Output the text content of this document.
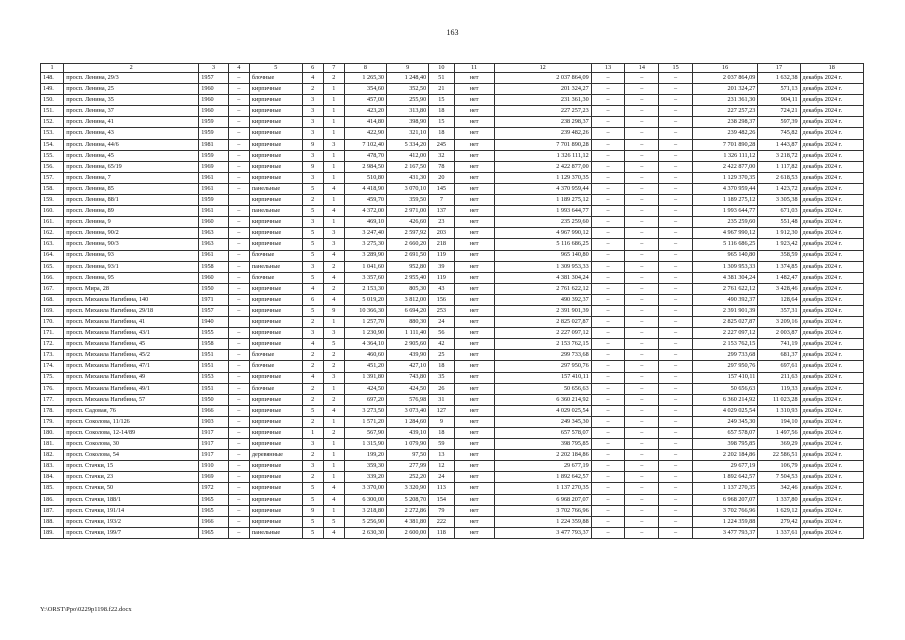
163
1	2	3	4	5	6	7	8	9	10	11	12	13	14	15	16	17	18
148.	просп. Ленина, 29/3	1957	–	блочные	4	2	1 265,30	1 248,40	51	нет	2 037 864,09	–	–	–	2 037 864,09	1 632,38	декабрь 2024 г.
149.	просп. Ленина, 25	1960	–	кирпичные	2	1	354,60	352,50	21	нет	201 324,27	–	–	–	201 324,27	571,13	декабрь 2024 г.
150.	просп. Ленина, 35	1960	–	кирпичные	3	1	457,00	255,90	15	нет	231 361,30	–	–	–	231 361,30	904,11	декабрь 2024 г.
151.	просп. Ленина, 37	1960	–	кирпичные	3	1	423,20	313,80	18	нет	227 257,23	–	–	–	227 257,23	724,21	декабрь 2024 г.
152.	просп. Ленина, 41	1959	–	кирпичные	3	1	414,80	398,90	15	нет	238 298,37	–	–	–	238 298,37	597,39	декабрь 2024 г.
153.	просп. Ленина, 43	1959	–	кирпичные	3	1	422,90	321,10	18	нет	239 482,26	–	–	–	239 482,26	745,82	декабрь 2024 г.
154.	просп. Ленина, 44/6	1981	–	кирпичные	9	3	7 102,40	5 334,20	245	нет	7 701 890,28	–	–	–	7 701 890,28	1 443,87	декабрь 2024 г.
155.	просп. Ленина, 45	1959	–	кирпичные	3	1	478,70	412,00	32	нет	1 326 111,12	–	–	–	1 326 111,12	3 218,72	декабрь 2024 г.
156.	просп. Ленина, 65/19	1969	–	кирпичные	9	1	2 984,50	2 167,50	78	нет	2 422 877,00	–	–	–	2 422 877,00	1 117,82	декабрь 2024 г.
157.	просп. Ленина, 7	1961	–	кирпичные	3	1	510,80	431,30	20	нет	1 129 370,35	–	–	–	1 129 370,35	2 618,53	декабрь 2024 г.
158.	просп. Ленина, 85	1961	–	панельные	5	4	4 418,90	3 070,10	145	нет	4 370 959,44	–	–	–	4 370 959,44	1 423,72	декабрь 2024 г.
159.	просп. Ленина, 88/1	1959		кирпичные	2	1	459,70	359,50	7	нет	1 189 275,12	–	–	–	1 189 275,12	3 305,38	декабрь 2024 г.
160.	просп. Ленина, 89	1961	–	панельные	5	4	4 372,00	2 971,00	137	нет	1 993 644,77	–	–	–	1 993 644,77	671,03	декабрь 2024 г.
161.	просп. Ленина, 9	1960	–	кирпичные	3	1	469,10	426,60	23	нет	235 259,60	–	–	–	235 259,60	551,48	декабрь 2024 г.
162.	просп. Ленина, 90/2	1963	–	кирпичные	5	3	3 247,40	2 597,92	203	нет	4 967 990,12	–	–	–	4 967 990,12	1 912,30	декабрь 2024 г.
163.	просп. Ленина, 90/3	1963	–	кирпичные	5	3	3 275,30	2 660,20	218	нет	5 116 686,25	–	–	–	5 116 686,25	1 923,42	декабрь 2024 г.
164.	просп. Ленина, 93	1961	–	блочные	5	4	3 289,90	2 691,50	119	нет	965 140,80	–	–	–	965 140,80	358,59	декабрь 2024 г.
165.	просп. Ленина, 93/1	1958	–	панельные	3	2	1 041,60	952,80	39	нет	1 309 953,33	–	–	–	1 309 953,33	1 374,85	декабрь 2024 г.
166.	просп. Ленина, 95	1960	–	блочные	5	4	3 357,60	2 955,40	119	нет	4 381 304,24	–	–	–	4 381 304,24	1 482,47	декабрь 2024 г.
167.	просп. Мира, 28	1950	–	кирпичные	4	2	2 153,30	805,30	43	нет	2 761 622,12	–	–	–	2 761 622,12	3 428,46	декабрь 2024 г.
168.	просп. Михаила Нагибина, 140	1971	–	кирпичные	6	4	5 019,20	3 812,00	156	нет	490 392,37	–	–	–	490 392,37	128,64	декабрь 2024 г.
169.	просп. Михаила Нагибина, 29/18	1957	–	кирпичные	5	9	10 366,30	6 694,20	253	нет	2 391 901,39	–	–	–	2 391 901,39	357,31	декабрь 2024 г.
170.	просп. Михаила Нагибина, 41	1940		кирпичные	2	1	1 257,70	880,30	24	нет	2 825 027,87	–	–	–	2 825 027,87	3 209,16	декабрь 2024 г.
171.	просп. Михаила Нагибина, 43/1	1955	–	кирпичные	3	3	1 230,90	1 111,40	56	нет	2 227 097,12	–	–	–	2 227 097,12	2 003,87	декабрь 2024 г.
172.	просп. Михаила Нагибина, 45	1958	–	кирпичные	4	5	4 364,10	2 905,60	42	нет	2 153 762,15	–	–	–	2 153 762,15	741,19	декабрь 2024 г.
173.	просп. Михаила Нагибина, 45/2	1951	–	блочные	2	2	460,60	439,90	25	нет	299 733,68	–	–	–	299 733,68	681,37	декабрь 2024 г.
174.	просп. Михаила Нагибина, 47/1	1951	–	блочные	2	2	451,20	427,10	18	нет	297 950,76	–	–	–	297 950,76	697,61	декабрь 2024 г.
175.	просп. Михаила Нагибина, 49	1953	–	кирпичные	4	3	1 391,80	743,80	35	нет	157 410,11	–	–	–	157 410,11	211,63	декабрь 2024 г.
176.	просп. Михаила Нагибина, 49/1	1951	–	блочные	2	1	424,50	424,50	26	нет	50 656,63	–	–	–	50 656,63	119,33	декабрь 2024 г.
177.	просп. Михаила Нагибина, 57	1950	–	кирпичные	2	2	697,20	576,98	31	нет	6 360 214,92	–	–	–	6 360 214,92	11 023,28	декабрь 2024 г.
178.	просп. Садовая, 76	1966	–	кирпичные	5	4	3 273,50	3 073,40	127	нет	4 029 025,54	–	–	–	4 029 025,54	1 310,93	декабрь 2024 г.
179.	просп. Соколова, 11/126	1903	–	кирпичные	2	1	1 571,20	1 284,60	9	нет	249 345,30	–	–	–	249 345,30	194,10	декабрь 2024 г.
180.	просп. Соколова, 12-14/89	1917	–	кирпичные	1	2	567,90	439,10	18	нет	657 578,07	–	–	–	657 578,07	1 497,56	декабрь 2024 г.
181.	просп. Соколова, 30	1917	–	кирпичные	3	1	1 315,90	1 079,90	59	нет	398 795,85	–	–	–	398 795,85	369,29	декабрь 2024 г.
182.	просп. Соколова, 54	1917	–	деревянные	2	1	199,20	97,50	13	нет	2 202 184,86	–	–	–	2 202 184,86	22 586,51	декабрь 2024 г.
183.	просп. Стачки, 15	1910	–	кирпичные	3	1	359,30	277,99	12	нет	29 677,19	–	–	–	29 677,19	106,79	декабрь 2024 г.
184.	просп. Стачки, 23	1969	–	кирпичные	2	1	339,20	252,20	24	нет	1 892 642,57	–	–	–	1 892 642,57	7 504,53	декабрь 2024 г.
185.	просп. Стачки, 50	1972	–	кирпичные	5	4	3 370,00	3 320,90	113	нет	1 137 270,35	–	–	–	1 137 270,35	342,46	декабрь 2024 г.
186.	просп. Стачки, 188/1	1965	–	кирпичные	5	4	6 300,00	5 208,70	154	нет	6 968 207,07	–	–	–	6 968 207,07	1 337,80	декабрь 2024 г.
187.	просп. Стачки, 191/14	1965	–	кирпичные	9	1	3 218,80	2 272,86	79	нет	3 702 766,96	–	–	–	3 702 766,96	1 629,12	декабрь 2024 г.
188.	просп. Стачки, 193/2	1966	–	кирпичные	5	5	5 256,90	4 381,80	222	нет	1 224 359,88	–	–	–	1 224 359,88	279,42	декабрь 2024 г.
189.	просп. Стачки, 199/7	1965	–	панельные	5	4	2 630,30	2 600,00	118	нет	3 477 793,37	–	–	–	3 477 793,37	1 337,61	декабрь 2024 г.
Y:\ORST\Ppo\0229p1198.f22.docx
